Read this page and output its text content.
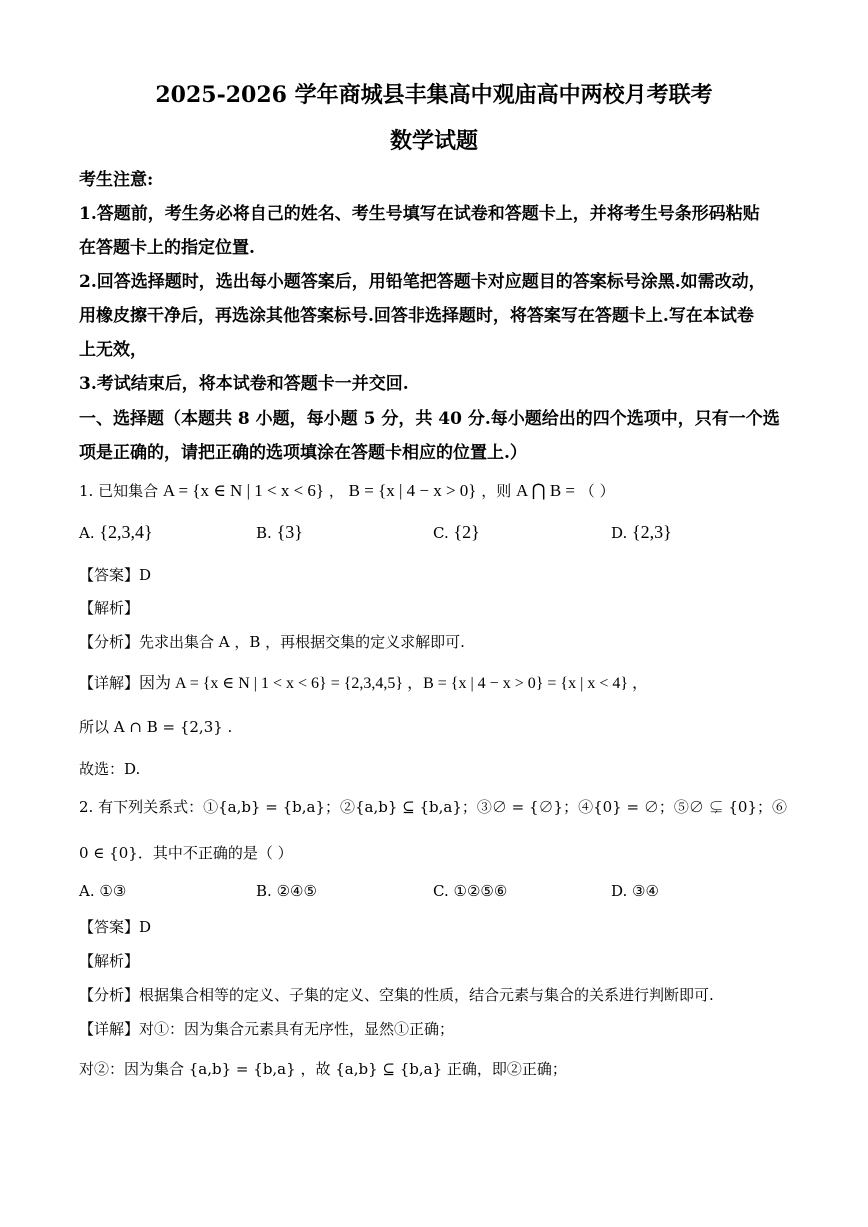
2025-2026 学年商城县丰集高中观庙高中两校月考联考
数学试题
考生注意:
1.答题前，考生务必将自己的姓名、考生号填写在试卷和答题卡上，并将考生号条形码粘贴
在答题卡上的指定位置.
2.回答选择题时，选出每小题答案后，用铅笔把答题卡对应题目的答案标号涂黑.如需改动，
用橡皮擦干净后，再选涂其他答案标号.回答非选择题时，将答案写在答题卡上.写在本试卷
上无效，
3.考试结束后，将本试卷和答题卡一并交回.
一、选择题（本题共 8 小题，每小题 5 分，共 40 分.每小题给出的四个选项中，只有一个选
项是正确的，请把正确的选项填涂在答题卡相应的位置上.）
1. 已知集合 A = {x ∈ N | 1 < x < 6} ， B = {x | 4 − x > 0} ，则 A ⋂ B = （ ）
A. {2,3,4}	B. {3}	C. {2}	D. {2,3}
【答案】D
【解析】
【分析】先求出集合 A ，B ，再根据交集的定义求解即可.
【详解】因为 A = {x ∈ N | 1 < x < 6} = {2,3,4,5} ，B = {x | 4 − x > 0} = {x | x < 4} ，
所以 A ∩ B = {2,3} .
故选：D.
2. 有下列关系式：①{a,b} = {b,a}；②{a,b} ⊆ {b,a}；③∅ = {∅}；④{0} = ∅；⑤∅ ⊊ {0}；⑥
0 ∈ {0}．其中不正确的是（ ）
A. ①③	B. ②④⑤	C. ①②⑤⑥	D. ③④
【答案】D
【解析】
【分析】根据集合相等的定义、子集的定义、空集的性质，结合元素与集合的关系进行判断即可.
【详解】对①：因为集合元素具有无序性，显然①正确；
对②：因为集合 {a,b} = {b,a} ，故 {a,b} ⊆ {b,a} 正确，即②正确；
